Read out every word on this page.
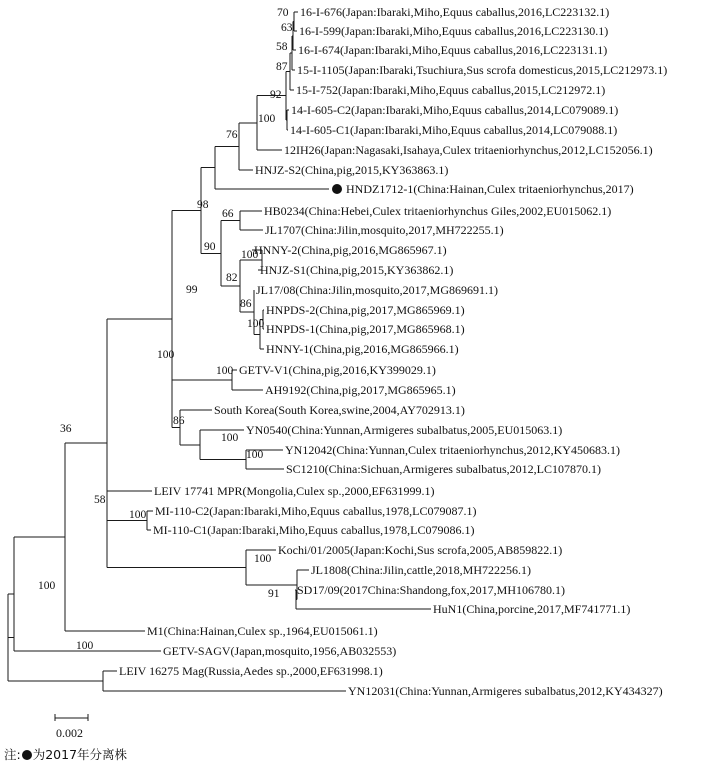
16-I-676(Japan:Ibaraki,Miho,Equus caballus,2016,LC223132.1)
16-I-599(Japan:Ibaraki,Miho,Equus caballus,2016,LC223130.1)
16-I-674(Japan:Ibaraki,Miho,Equus caballus,2016,LC223131.1)
15-I-1105(Japan:Ibaraki,Tsuchiura,Sus scrofa domesticus,2015,LC212973.1)
15-I-752(Japan:Ibaraki,Miho,Equus caballus,2015,LC212972.1)
14-I-605-C2(Japan:Ibaraki,Miho,Equus caballus,2014,LC079089.1)
14-I-605-C1(Japan:Ibaraki,Miho,Equus caballus,2014,LC079088.1)
12IH26(Japan:Nagasaki,Isahaya,Culex tritaeniorhynchus,2012,LC152056.1)
HNJZ-S2(China,pig,2015,KY363863.1)
HNDZ1712-1(China:Hainan,Culex tritaeniorhynchus,2017)
HB0234(China:Hebei,Culex tritaeniorhynchus Giles,2002,EU015062.1)
JL1707(China:Jilin,mosquito,2017,MH722255.1)
HNNY-2(China,pig,2016,MG865967.1)
HNJZ-S1(China,pig,2015,KY363862.1)
JL17/08(China:Jilin,mosquito,2017,MG869691.1)
HNPDS-2(China,pig,2017,MG865969.1)
HNPDS-1(China,pig,2017,MG865968.1)
HNNY-1(China,pig,2016,MG865966.1)
GETV-V1(China,pig,2016,KY399029.1)
AH9192(China,pig,2017,MG865965.1)
South Korea(South Korea,swine,2004,AY702913.1)
YN0540(China:Yunnan,Armigeres subalbatus,2005,EU015063.1)
YN12042(China:Yunnan,Culex tritaeniorhynchus,2012,KY450683.1)
SC1210(China:Sichuan,Armigeres subalbatus,2012,LC107870.1)
LEIV 17741 MPR(Mongolia,Culex sp.,2000,EF631999.1)
MI-110-C2(Japan:Ibaraki,Miho,Equus caballus,1978,LC079087.1)
MI-110-C1(Japan:Ibaraki,Miho,Equus caballus,1978,LC079086.1)
Kochi/01/2005(Japan:Kochi,Sus scrofa,2005,AB859822.1)
JL1808(China:Jilin,cattle,2018,MH722256.1)
SD17/09(2017China:Shandong,fox,2017,MH106780.1)
HuN1(China,porcine,2017,MF741771.1)
M1(China:Hainan,Culex sp.,1964,EU015061.1)
GETV-SAGV(Japan,mosquito,1956,AB032553)
LEIV 16275 Mag(Russia,Aedes sp.,2000,EF631998.1)
YN12031(China:Yunnan,Armigeres subalbatus,2012,KY434327)
70
63
58
87
92
100
76
98
66
90
82
86
100
99
100
100
86
100
100
36
100
58
100
100
91
100
100
0.002
注: 为2017年分离株
